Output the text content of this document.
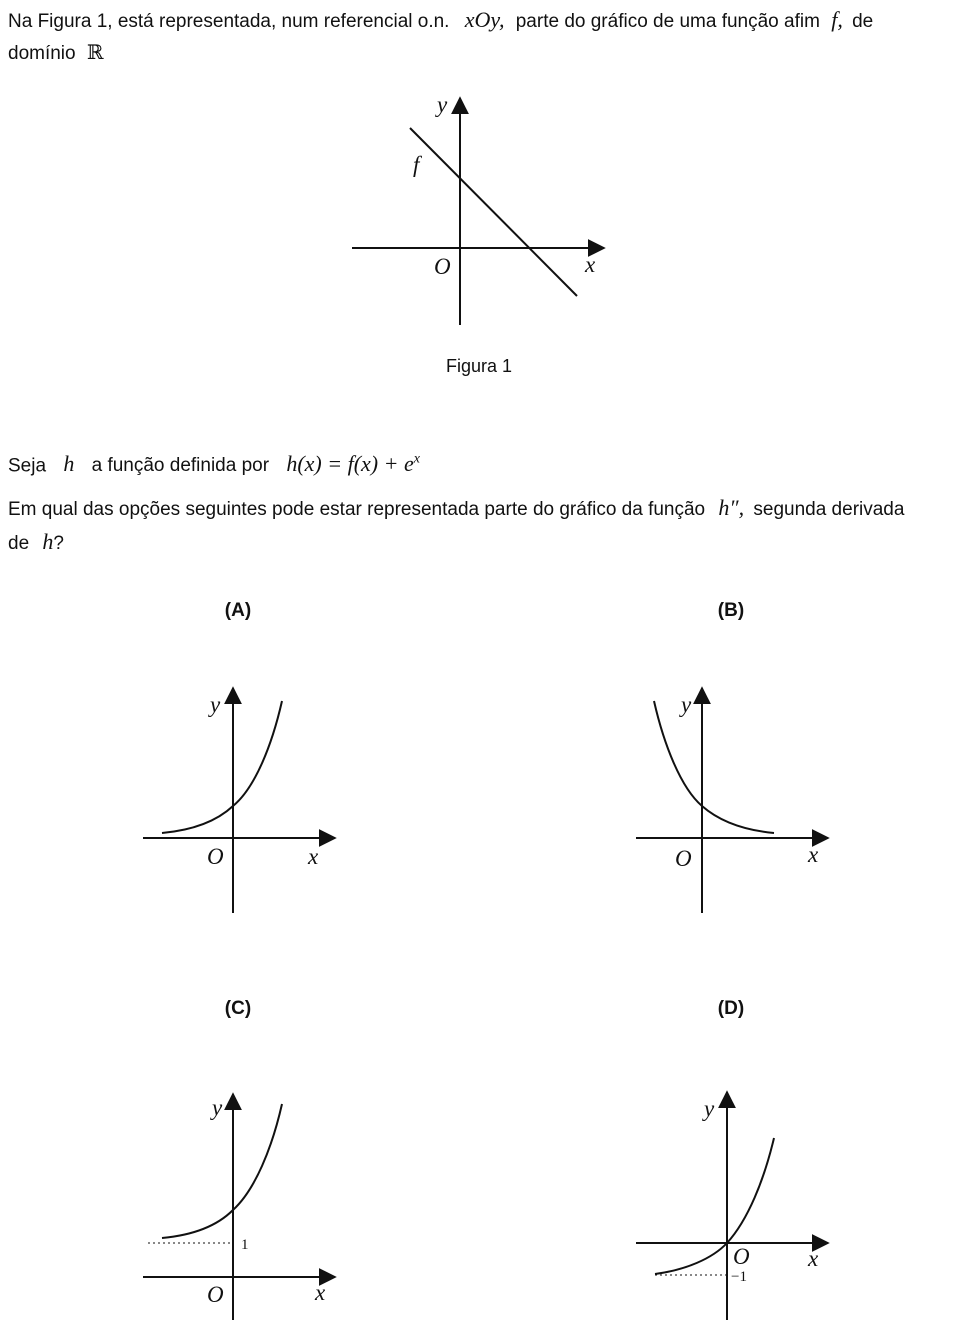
Na Figura 1, está representada, num referencial o.n. xOy, parte do gráfico de uma função afim f, de
domínio ℝ
y
f
O	x
y
O	x
y
O	x
y
1
O	x
y
O
−1
x
Figura 1
Seja h a função definida por $h(x) = f(x) + e^x$
Em qual das opções seguintes pode estar representada parte do gráfico da função h″, segunda derivada
de h?
(A)	(B)
(C)	(D)
